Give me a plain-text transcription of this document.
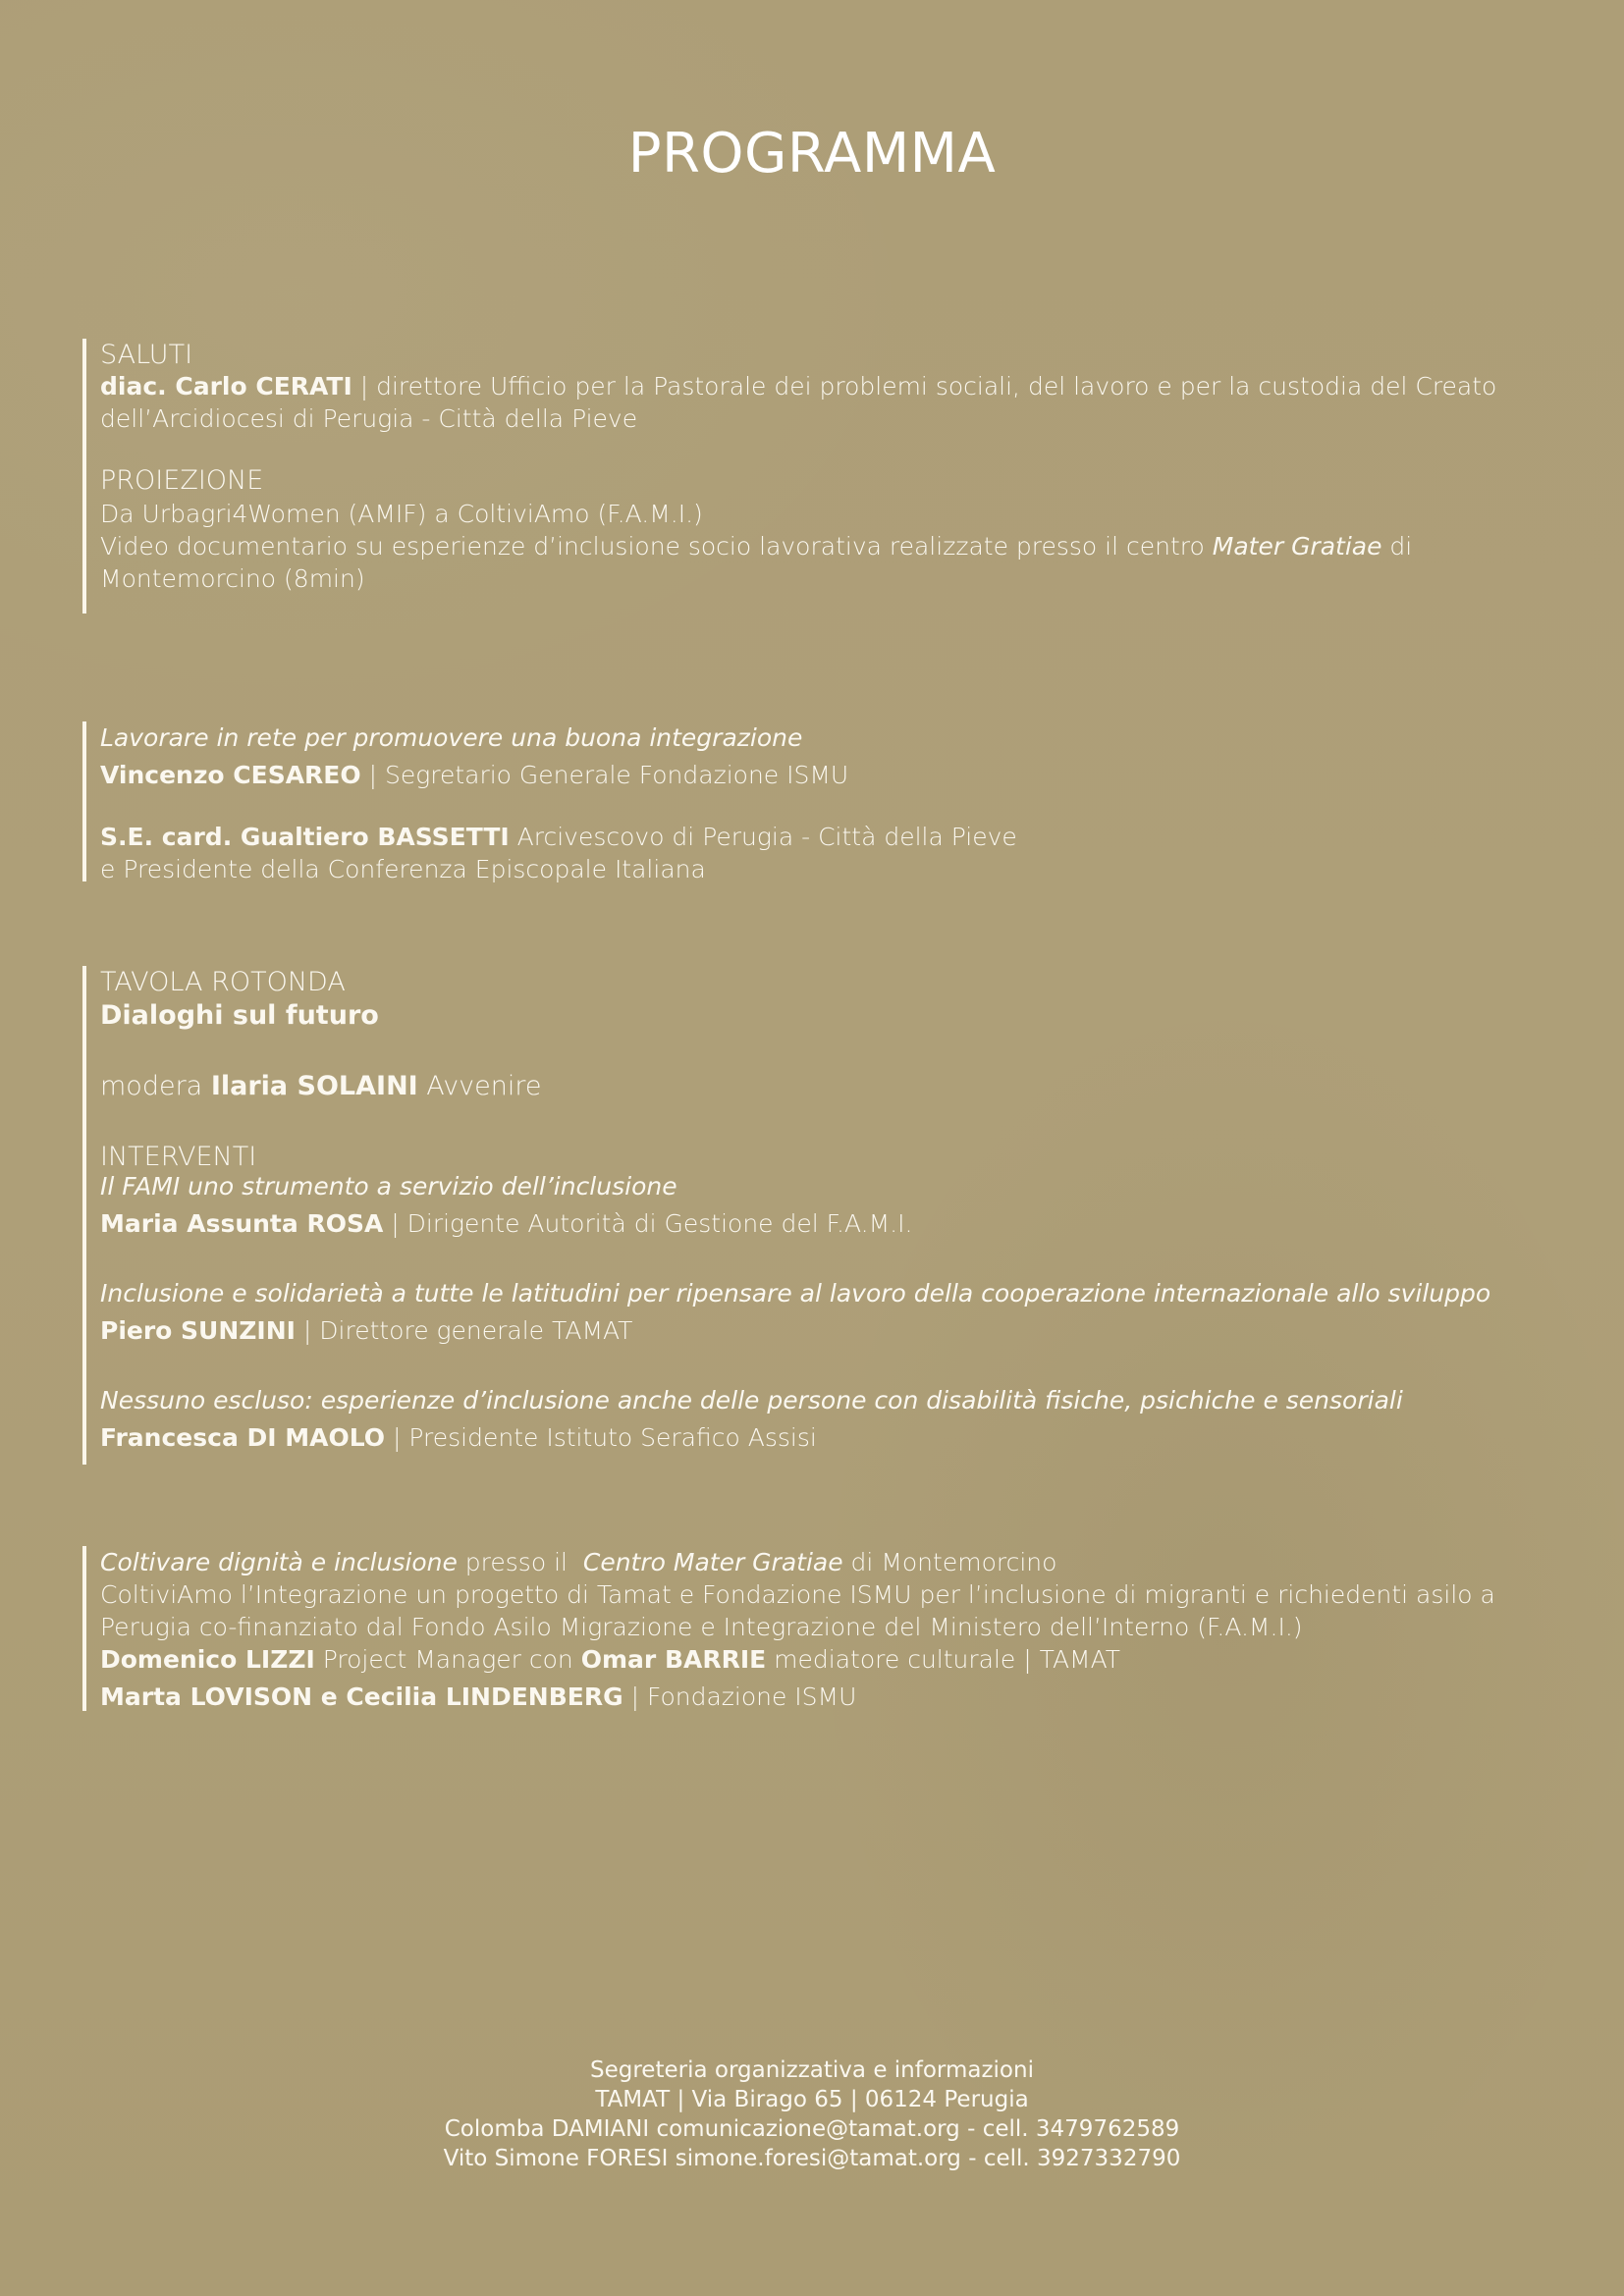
PROGRAMMA
SALUTI
diac. Carlo CERATI | direttore Ufficio per la Pastorale dei problemi sociali, del lavoro e per la custodia del Creato
dell’Arcidiocesi di Perugia - Città della Pieve
PROIEZIONE
Da Urbagri4Women (AMIF) a ColtiviAmo (F.A.M.I.)
Video documentario su esperienze d’inclusione socio lavorativa realizzate presso il centro Mater Gratiae di
Montemorcino (8min)
Lavorare in rete per promuovere una buona integrazione
Vincenzo CESAREO | Segretario Generale Fondazione ISMU
S.E. card. Gualtiero BASSETTI Arcivescovo di Perugia - Città della Pieve
e Presidente della Conferenza Episcopale Italiana
TAVOLA ROTONDA
Dialoghi sul futuro
modera Ilaria SOLAINI Avvenire
INTERVENTI
Il FAMI uno strumento a servizio dell’inclusione
Maria Assunta ROSA | Dirigente Autorità di Gestione del F.A.M.I.
Inclusione e solidarietà a tutte le latitudini per ripensare al lavoro della cooperazione internazionale allo sviluppo
Piero SUNZINI | Direttore generale TAMAT
Nessuno escluso: esperienze d’inclusione anche delle persone con disabilità fisiche, psichiche e sensoriali
Francesca DI MAOLO | Presidente Istituto Serafico Assisi
Coltivare dignità e inclusione presso il  Centro Mater Gratiae di Montemorcino
ColtiviAmo l’Integrazione un progetto di Tamat e Fondazione ISMU per l’inclusione di migranti e richiedenti asilo a
Perugia co-finanziato dal Fondo Asilo Migrazione e Integrazione del Ministero dell’Interno (F.A.M.I.)
Domenico LIZZI Project Manager con Omar BARRIE mediatore culturale | TAMAT
Marta LOVISON e Cecilia LINDENBERG | Fondazione ISMU
Segreteria organizzativa e informazioni
TAMAT | Via Birago 65 | 06124 Perugia
Colomba DAMIANI comunicazione@tamat.org - cell. 3479762589
Vito Simone FORESI simone.foresi@tamat.org - cell. 3927332790
